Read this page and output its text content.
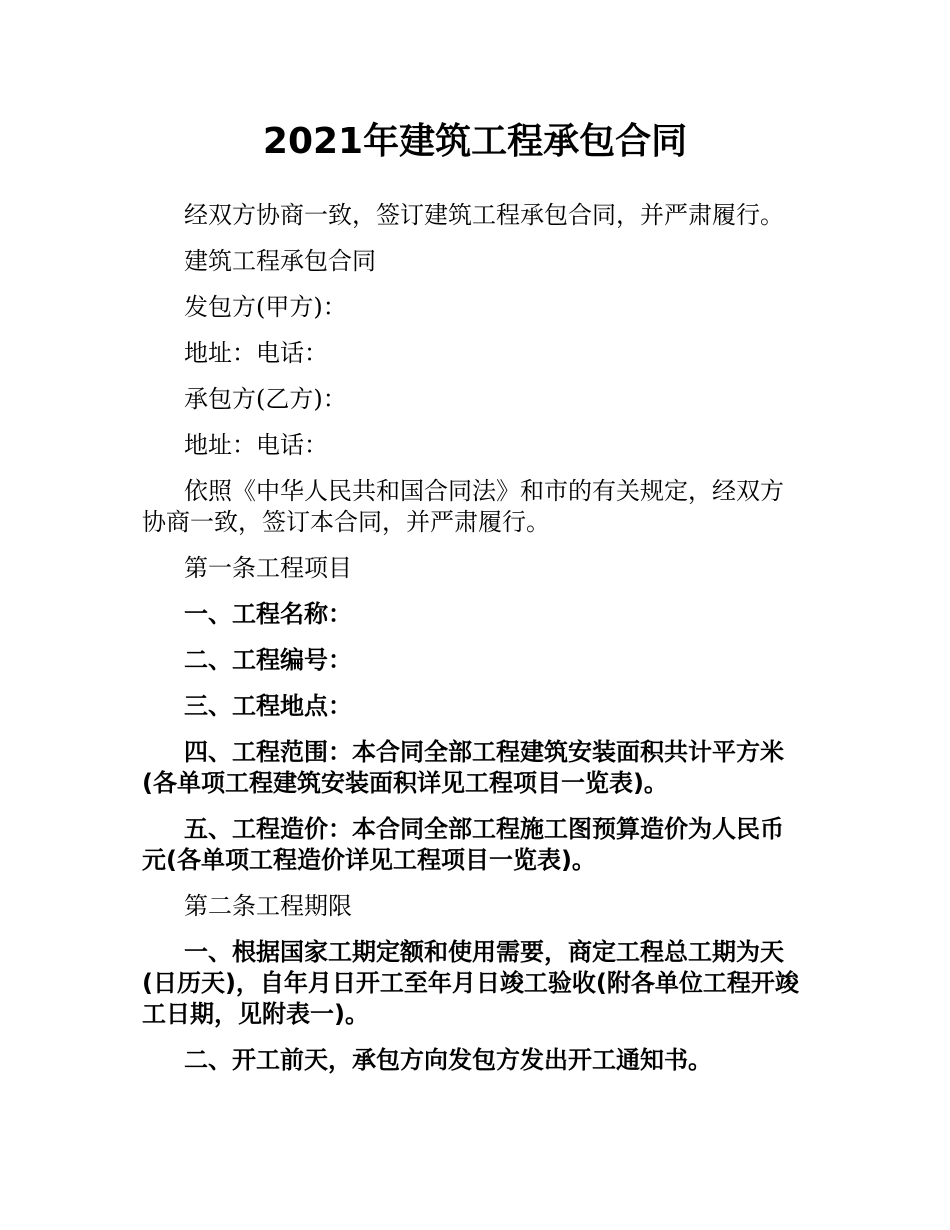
2021年建筑工程承包合同

经双方协商一致，签订建筑工程承包合同，并严肃履行。

建筑工程承包合同

发包方(甲方)：

地址：电话：

承包方(乙方)：

地址：电话：

依照《中华人民共和国合同法》和市的有关规定，经双方协商一致，签订本合同，并严肃履行。

第一条工程项目

一、工程名称：

二、工程编号：

三、工程地点：

四、工程范围：本合同全部工程建筑安装面积共计平方米(各单项工程建筑安装面积详见工程项目一览表)。

五、工程造价：本合同全部工程施工图预算造价为人民币元(各单项工程造价详见工程项目一览表)。

第二条工程期限

一、根据国家工期定额和使用需要，商定工程总工期为天(日历天)，自年月日开工至年月日竣工验收(附各单位工程开竣工日期，见附表一)。

二、开工前天，承包方向发包方发出开工通知书。
